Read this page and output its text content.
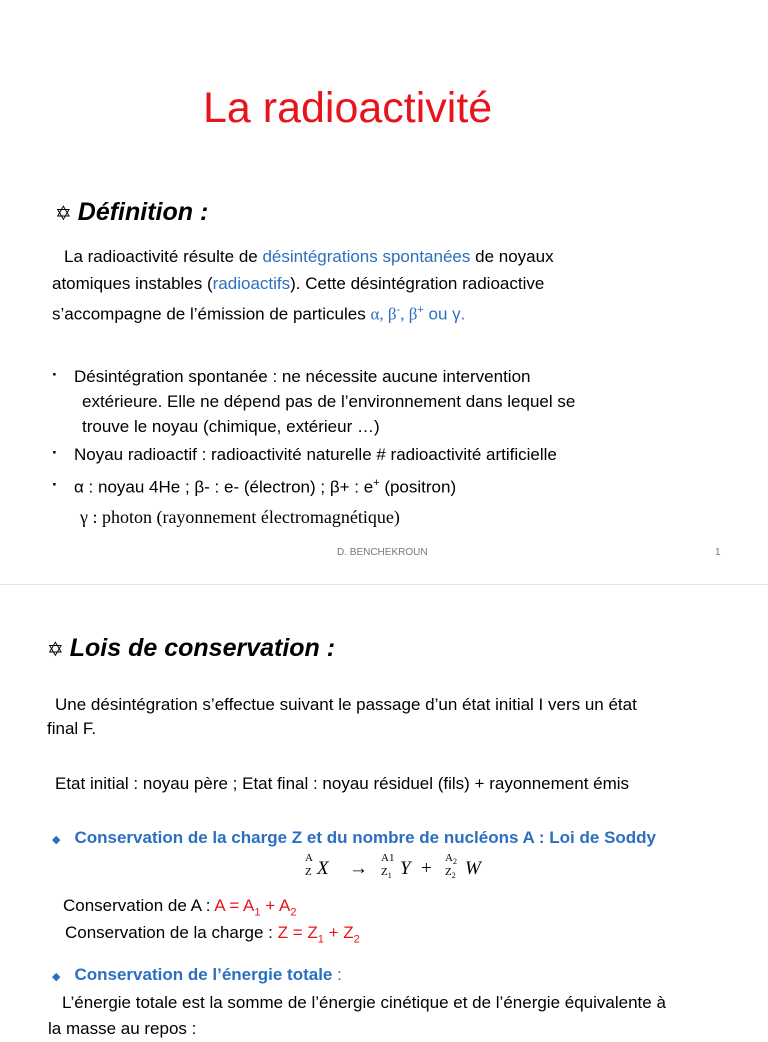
La radioactivité
✡ Définition :
La radioactivité résulte de désintégrations spontanées de noyaux
atomiques instables (radioactifs). Cette désintégration radioactive
s’accompagne de l’émission de particules α, β-, β+ ou γ.
· Désintégration spontanée : ne nécessite aucune intervention
extérieure. Elle ne dépend pas de l’environnement dans lequel se
trouve le noyau (chimique, extérieur …)
· Noyau radioactif : radioactivité naturelle # radioactivité artificielle
· α : noyau 4He ; β- : e- (électron) ; β+ : e+ (positron)
γ : photon (rayonnement électromagnétique)
D. BENCHEKROUN	1
✡ Lois de conservation :
Une désintégration s’effectue suivant le passage d’un état initial I vers un état
final F.
Etat initial : noyau père ; Etat final : noyau résiduel (fils) + rayonnement émis
◆ Conservation de la charge Z et du nombre de nucléons A : Loi de Soddy
A
Z X → A1
$Z_1$ $Y + A_2$
$Z_2$ W
Conservation de A : $A = A_1 + A_2$
Conservation de la charge : $Z = Z_1 + Z_2$
◆ Conservation de l’énergie totale :
L’énergie totale est la somme de l’énergie cinétique et de l’énergie équivalente à
la masse au repos :
